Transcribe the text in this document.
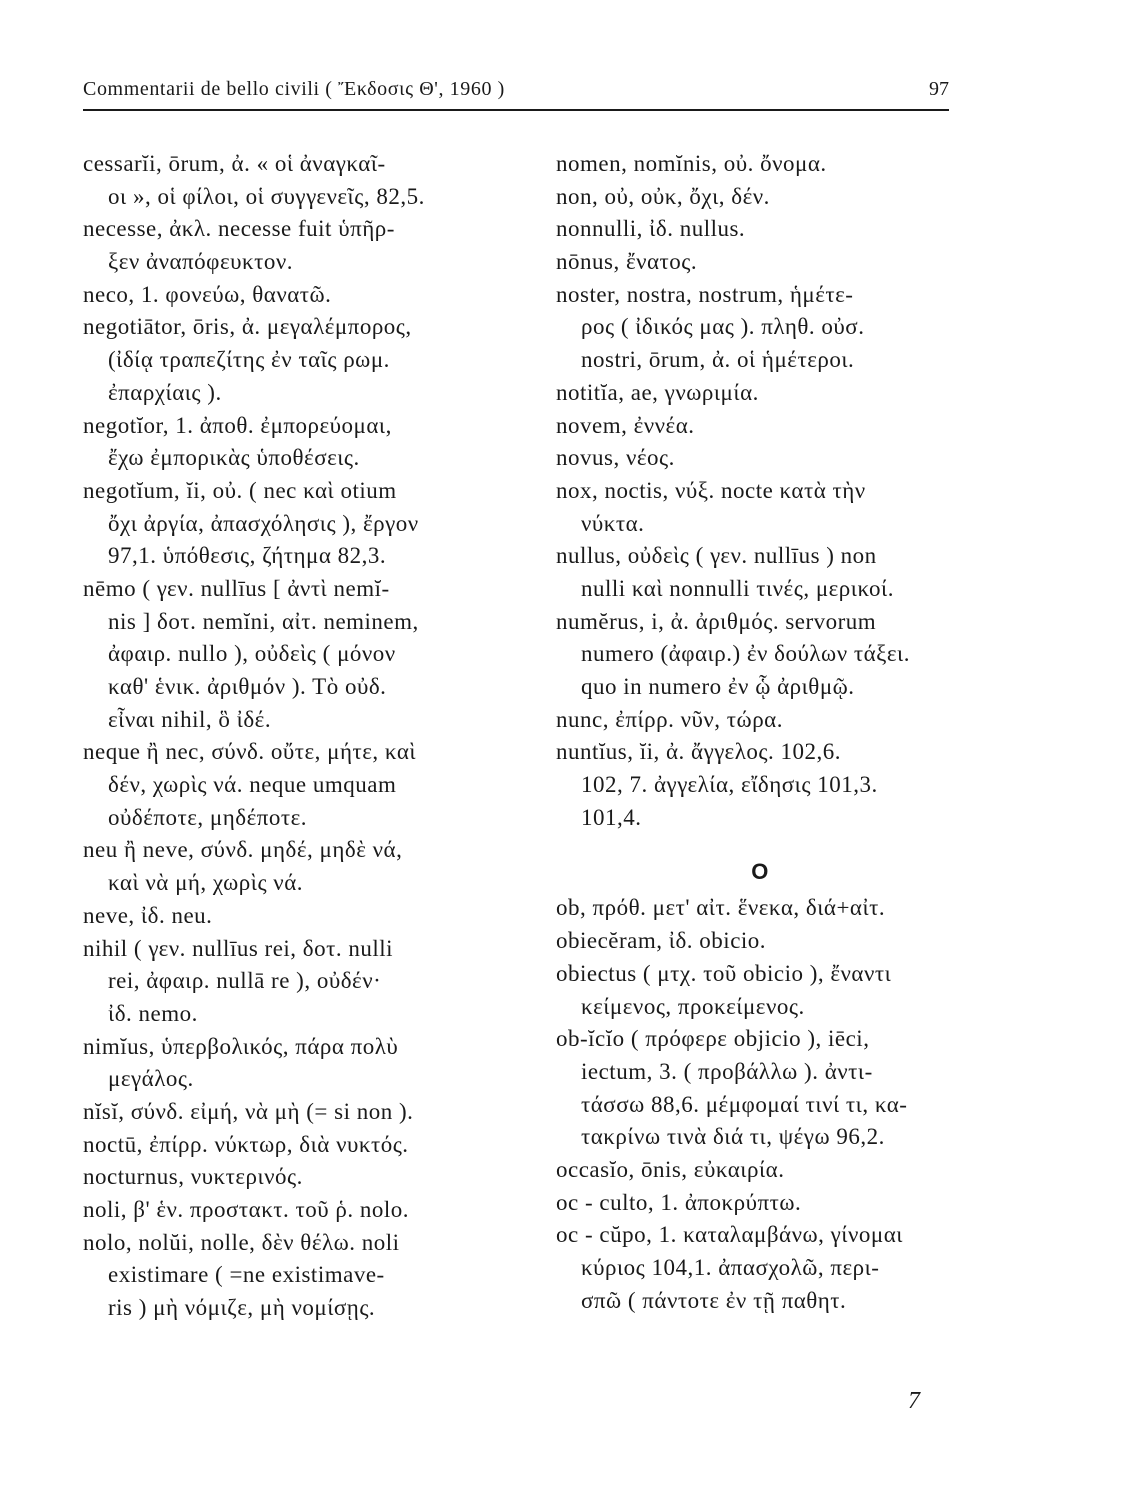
Commentarii de bello civili ( Ἔκδοσις Θ', 1960 )	97
cessarĭi, ōrum, ἀ. « οἱ ἀναγκαῖ-
οι », οἱ φίλοι, οἱ συγγενεῖς, 82,5.
necesse, ἀκλ. necesse fuit ὑπῆρ-
ξεν ἀναπόφευκτον.
neco, 1. φονεύω, θανατῶ.
negotiātor, ōris, ἀ. μεγαλέμπορος,
(ἰδίᾳ τραπεζίτης ἐν ταῖς ρωμ.
ἐπαρχίαις ).
negotĭor, 1. ἀποθ. ἐμπορεύομαι,
ἔχω ἐμπορικὰς ὑποθέσεις.
negotĭum, ĭi, οὐ. ( nec καὶ otium
ὄχι ἀργία, ἀπασχόλησις ), ἔργον
97,1. ὑπόθεσις, ζήτημα 82,3.
nēmo ( γεν. nullīus [ ἀντὶ nemĭ-
nis ] δοτ. nemĭni, αἰτ. neminem,
ἀφαιρ. nullo ), οὐδεὶς ( μόνον
καθ' ἑνικ. ἀριθμόν ). Τὸ οὐδ.
εἶναι nihil, ὃ ἰδέ.
neque ἢ nec, σύνδ. οὔτε, μήτε, καὶ
δέν, χωρὶς νά. neque umquam
οὐδέποτε, μηδέποτε.
neu ἢ neve, σύνδ. μηδέ, μηδὲ νά,
καὶ νὰ μή, χωρὶς νά.
neve, ἰδ. neu.
nihil ( γεν. nullīus rei, δοτ. nulli
rei, ἀφαιρ. nullā re ), οὐδέν·
ἰδ. nemo.
nimĭus, ὑπερβολικός, πάρα πολὺ
μεγάλος.
nĭsĭ, σύνδ. εἰμή, νὰ μὴ (= si non ).
noctū, ἐπίρρ. νύκτωρ, διὰ νυκτός.
nocturnus, νυκτερινός.
noli, β' ἑν. προστακτ. τοῦ ῥ. nolo.
nolo, nolŭi, nolle, δὲν θέλω. noli
existimare ( =ne existimave-
ris ) μὴ νόμιζε, μὴ νομίσῃς.
nomen, nomĭnis, οὐ. ὄνομα.
non, οὐ, οὐκ, ὄχι, δέν.
nonnulli, ἰδ. nullus.
nōnus, ἔνατος.
noster, nostra, nostrum, ἡμέτε-
ρος ( ἰδικός μας ). πληθ. οὐσ.
nostri, ōrum, ἀ. οἱ ἡμέτεροι.
notitĭa, ae, γνωριμία.
novem, ἐννέα.
novus, νέος.
nox, noctis, νύξ. nocte κατὰ τὴν
νύκτα.
nullus, οὐδεὶς ( γεν. nullīus ) non
nulli καὶ nonnulli τινές, μερικοί.
numĕrus, i, ἀ. ἀριθμός. servorum
numero (ἀφαιρ.) ἐν δούλων τάξει.
quo in numero ἐν ᾧ ἀριθμῷ.
nunc, ἐπίρρ. νῦν, τώρα.
nuntĭus, ĭi, ἀ. ἄγγελος. 102,6.
102, 7. ἀγγελία, εἴδησις 101,3.
101,4.
O
ob, πρόθ. μετ' αἰτ. ἕνεκα, διά+αἰτ.
obiecĕram, ἰδ. obicio.
obiectus ( μτχ. τοῦ obicio ), ἔναντι
κείμενος, προκείμενος.
ob-ĭcĭo ( πρόφερε objicio ), iēci,
iectum, 3. ( προβάλλω ). ἀντι-
τάσσω 88,6. μέμφομαί τινί τι, κα-
τακρίνω τινὰ διά τι, ψέγω 96,2.
occasĭo, ōnis, εὐκαιρία.
oc - culto, 1. ἀποκρύπτω.
oc - cŭpo, 1. καταλαμβάνω, γίνομαι
κύριος 104,1. ἀπασχολῶ, περι-
σπῶ ( πάντοτε ἐν τῇ παθητ.
7
